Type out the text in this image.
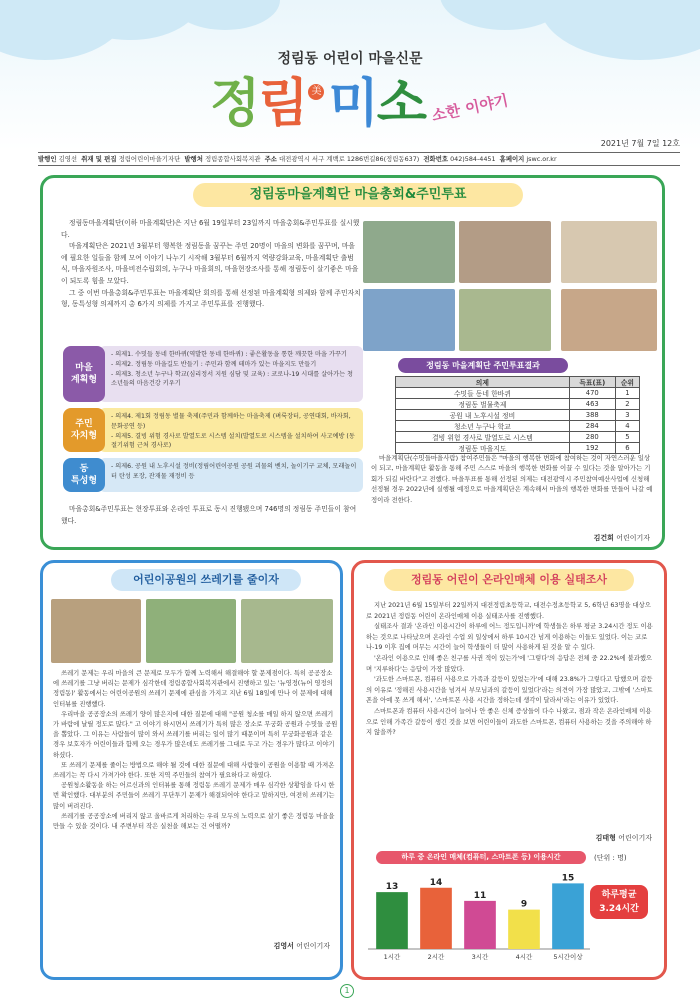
정림동 어린이 마을신문
정 림 美 미 소 소한 이야기
2021년 7월 7일 12호
발행인 김영선 취재 및 편집 정림어린이마을기자단 발행처 정림종합사회복지관 주소 대전광역시 서구 계백로 1286번길86(정림동637) 전화번호 042)584-4451 홈페이지 jswc.or.kr
정림동마을계획단 마을총회&주민투표

정림동마을계획단(이하 마을계획단)은 지난 6월 19일부터 23일까지 마을총회&주민투표를 실시했다.

마을계획단은 2021년 3월부터 행복한 정림동을 꿈꾸는 주민 20명이 마을의 변화를 꿈꾸며, 마을에 필요한 일들을 함께 모여 이야기 나누기 시작해 3월부터 6월까지 역량강화교육, 마을계획단 출범식, 마을자원조사, 마을비전수립회의, 누구나 마을회의, 마을현장조사를 통해 정림동이 살기좋은 마을이 되도록 힘을 모았다.

그 중 이번 마을총회&주민투표는 마을계획단 회의를 통해 선정된 마을계획형 의제와 함께 주민자치형, 동특성형 의제까지 총 6가지 의제를 가지고 주민투표를 진행했다.

- 의제1. 수밋들 동네 한바퀴(역발한 동네 한바퀴) : 좋은활동을 통한 깨끗한 마을 가꾸기
- 의제2. 정림동 마을길도 반들기 : 주민과 함께 테마가 있는 마을지도 만들기
- 의제3. 청소년 누구나 학교(심리정서 지원 심담 및 교육) : 코로나-19 시대를 살아가는 청소년들의 마음건강 키우기
마을
계획형
- 의제4. 제1회 정림동 별뮬 축제(주민과 함께하는 마을축제 (벼룩장터, 공연대회, 바자회, 문화공연 등)
- 의제5. 결빙 위험 경사로 발열도로 시스템 설치(발열도로 시스템을 설치하여 사고예방 (동절기위험 근처 경사로)
주민
자치형
- 의제6. 공원 내 노후시설 정비(정림어린이공원 공원 괴물의 벤치, 놀이기구 교체, 모래놀이터 탄성 포장, 잔재물 재정비 등
동
특성형

마을총회&주민투표는 현장투표와 온라인 투표로 동시 진행됐으며 746명의 정림동 주민들이 참여했다.

정림동 마을계획단 주민투표결과
의제	득표(표)	순위
수밋들 동네 한바퀴	470	1
정림동 벌뮬축제	463	2
공원 내 노후시설 정비	388	3
청소년 누구나 학교	284	4
결빙 위험 경사로 발열도로 시스템	280	5
정림동 마을지도	192	6

마을계획단(수밋들마을사람) 참여주민들은 "마을의 행복한 변화에 참여하는 것이 자연스러운 일상이 되고, 마을계획단 활동을 통해 주민 스스로 마을의 행복한 변화를 이끌 수 있다는 것을 알아가는 기회가 되길 바란다"고 전했다. 마을투표를 통해 선정된 의제는 대전광역시 주민참여예산사업에 신청해 선정될 경우 2022년에 실행될 예정으로 마을계획단은 계속해서 마을의 행복한 변화를 만들어 나갈 예정이라 전한다.

김건희 어린이기자
어린이공원의 쓰레기를 줄이자

쓰레기 문제는 우리 마을의 큰 문제로 모두가 함께 노력해서 해결해야 할 문제점이다. 특히 공공장소에 쓰레기를 그냥 버리는 문제가 심각한데 정림종합사회복지관에서 진행하고 있는 '뉴영정(뉴어 영정의 정림동)' 활동에서는 어린이공원의 쓰레기 문제에 관심을 가지고 지난 6월 18일에 만나 이 문제에 대해 인터뷰를 진행했다.

우리마을 공공장소의 쓰레기 양이 많은지에 대한 질문에 대해 "공원 청소를 매일 하지 않으면 쓰레기가 바람에 날릴 정도로 많다." 고 이야기 하시면서 쓰레기가 특히 많은 장소로 무궁화 공원과 수밋들 공원을 뽑았다. 그 이유는 사람들이 많이 와서 쓰레기를 버리는 일이 많기 때문이며 특히 무궁화공원과 같은 경우 보호자가 어린이들과 함께 오는 경우가 많은데도 쓰레기를 그대로 두고 가는 경우가 많다고 이야기 하셨다.

또 쓰레기 문제를 줄이는 방법으로 해야 될 것에 대한 질문에 대해 사람들이 공원을 이용할 때 가져온 쓰레기는 꼭 다시 가져가야 한다. 또한 지역 주민들의 참여가 필요하다고 하였다.

공원청소활동을 하는 어르신과의 인터뷰를 통해 정림동 쓰레기 문제가 매우 심각한 상황임을 다시 한번 확인했다. 대부분의 주민들이 쓰레기 무단투기 문제가 해결되어야 한다고 말하지만, 여전히 쓰레기는 많이 버려진다.

쓰레기를 공공장소에 버리지 않고 올바르게 처리하는 우리 모두의 노력으로 살기 좋은 정림동 마을을 만들 수 있을 것이다. 내 주변부터 작은 실천을 해보는 건 어떨까?

김영서 어린이기자
정림동 어린이 온라인매체 이용 실태조사

지난 2021년 6월 15일부터 22일까지 대전정림초등학교, 대전수정초등학교 5, 6학년 63명을 대상으로 2021년 정림동 어린이 온라인매체 이용 실태조사를 진행했다.

실태조사 결과 '온라인 이용시간이 하루에 어느 정도입니까'에 학생들은 하루 평균 3.24시간 정도 이용하는 것으로 나타났으며 온라인 수업 외 일상에서 하루 10시간 넘게 이용하는 이들도 있었다. 이는 코로나-19 이후 집에 머무는 시간이 늘어 학생들이 더 많이 사용하게 된 것을 알 수 있다.

'온라인 이용으로 인해 좋은 친구를 사귄 적이 있는가'에 '그렇다'의 응답은 전체 중 22.2%에 불과했으며 '지루하다'는 응답이 가장 많았다.

'과도한 스마트폰, 컴퓨터 사용으로 가족과 갈등이 있었는가'에 대해 23.8%가 그렇다고 답했으며 갈등의 이유로 '정해진 사용시간을 넘겨서 부모님과의 갈등이 있었다'라는 의견이 가장 많았고, 그밖에 '스마트폰을 아예 못 쓰게 해서', '스마트폰 사용 시간을 정하는데 생각이 달라서'라는 이유가 있었다.

스마트폰과 컴퓨터 사용시간이 늘어나 안 좋은 신체 증상들이 다수 나왔고, 점과 작은 온라인매체 이용으로 인해 가족간 갈등이 생긴 것을 보면 어린이들이 과도한 스마트폰, 컴퓨터 사용하는 것을 주의해야 하지 않을까?

김태형 어린이기자
하루 중 온라인 매체(컴퓨터, 스마트폰 등) 이용시간	(단위 : 명)
13
1시간
14
2시간
11
3시간
9
4시간
15
5시간이상
하루평균
3.24시간
1
